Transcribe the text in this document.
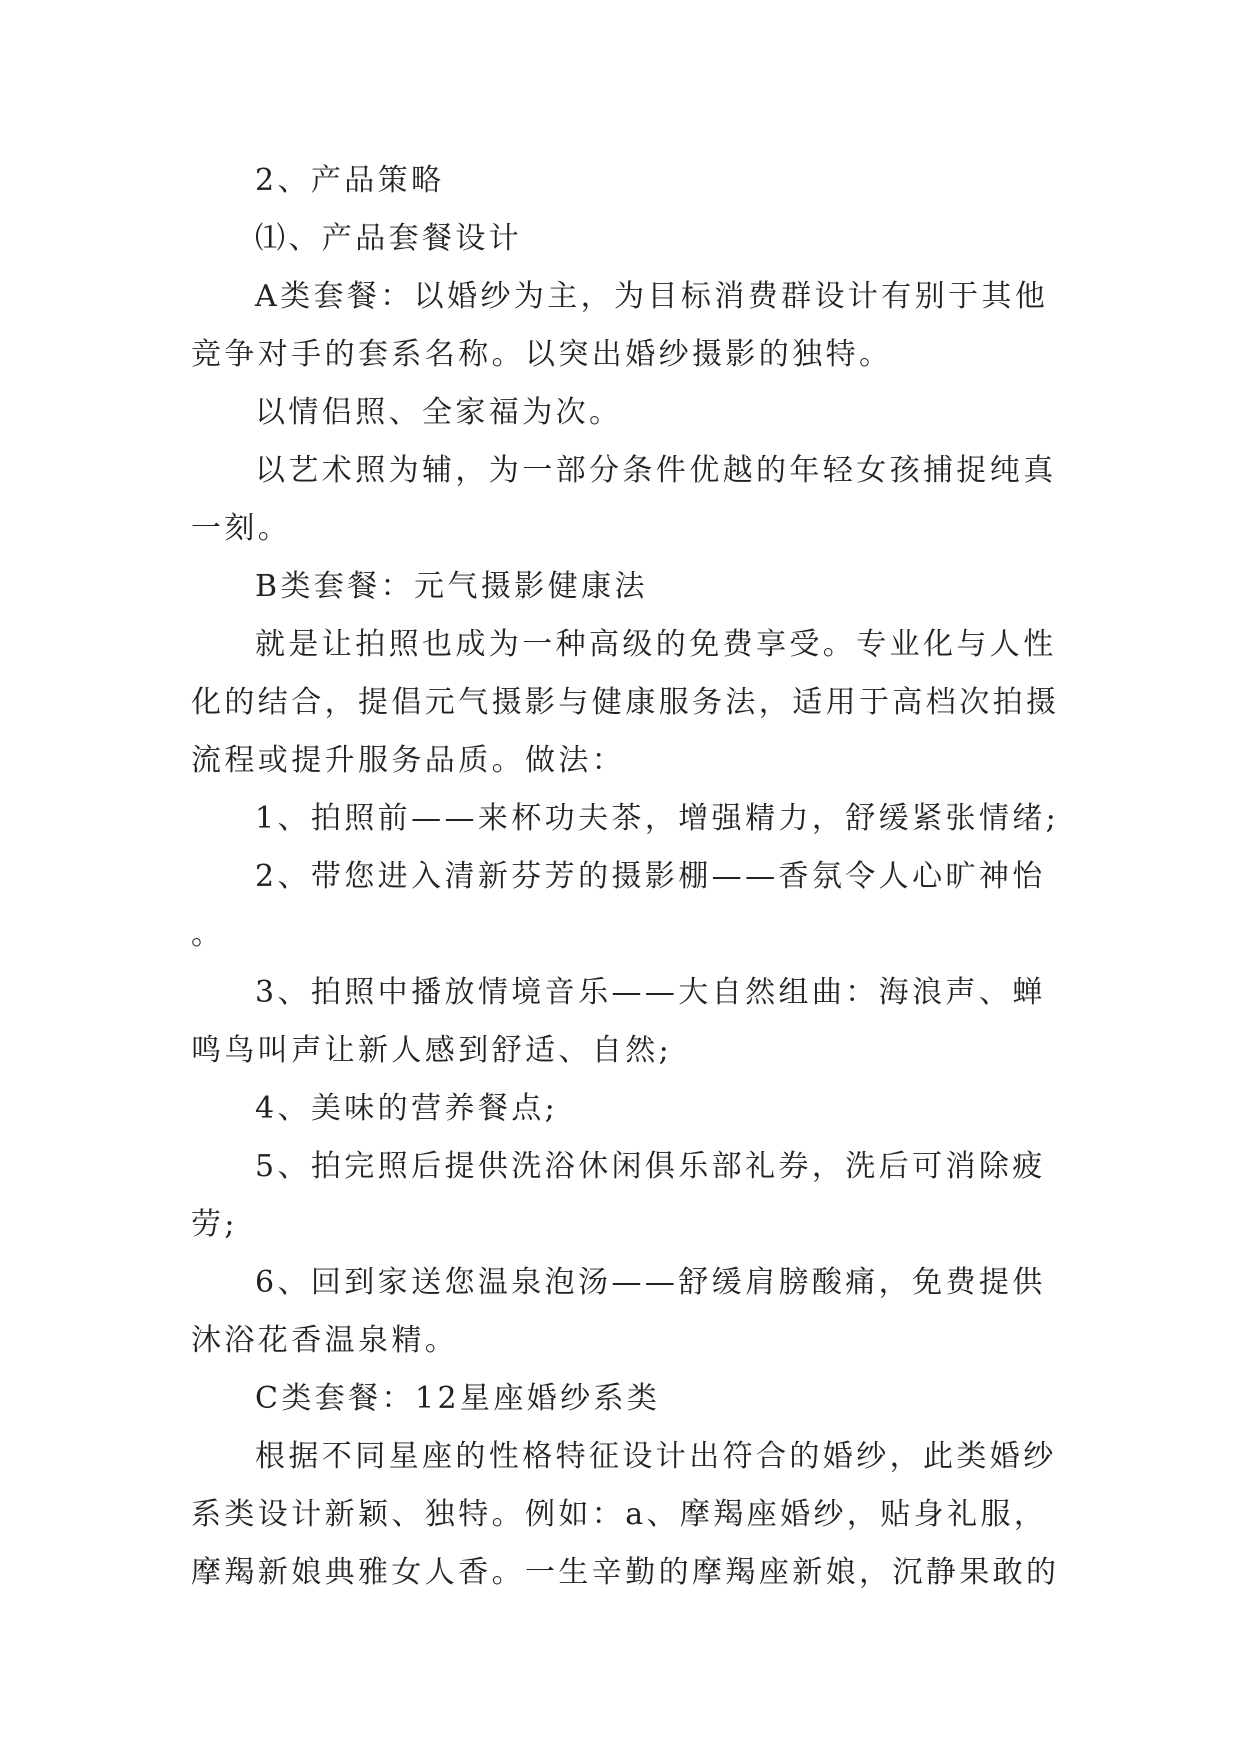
2、产品策略

⑴、产品套餐设计

A类套餐：以婚纱为主，为目标消费群设计有别于其他竞争对手的套系名称。以突出婚纱摄影的独特。

以情侣照、全家福为次。

以艺术照为辅，为一部分条件优越的年轻女孩捕捉纯真一刻。

B类套餐：元气摄影健康法

就是让拍照也成为一种高级的免费享受。专业化与人性化的结合，提倡元气摄影与健康服务法，适用于高档次拍摄流程或提升服务品质。做法：

1、拍照前——来杯功夫茶，增强精力，舒缓紧张情绪;

2、带您进入清新芬芳的摄影棚——香氛令人心旷神怡。

3、拍照中播放情境音乐——大自然组曲：海浪声、蝉鸣鸟叫声让新人感到舒适、自然;

4、美味的营养餐点;

5、拍完照后提供洗浴休闲俱乐部礼券，洗后可消除疲劳;

6、回到家送您温泉泡汤——舒缓肩膀酸痛，免费提供沐浴花香温泉精。

C类套餐：12星座婚纱系类

根据不同星座的性格特征设计出符合的婚纱，此类婚纱系类设计新颖、独特。例如：a、摩羯座婚纱，贴身礼服，摩羯新娘典雅女人香。一生辛勤的摩羯座新娘，沉静果敢的
